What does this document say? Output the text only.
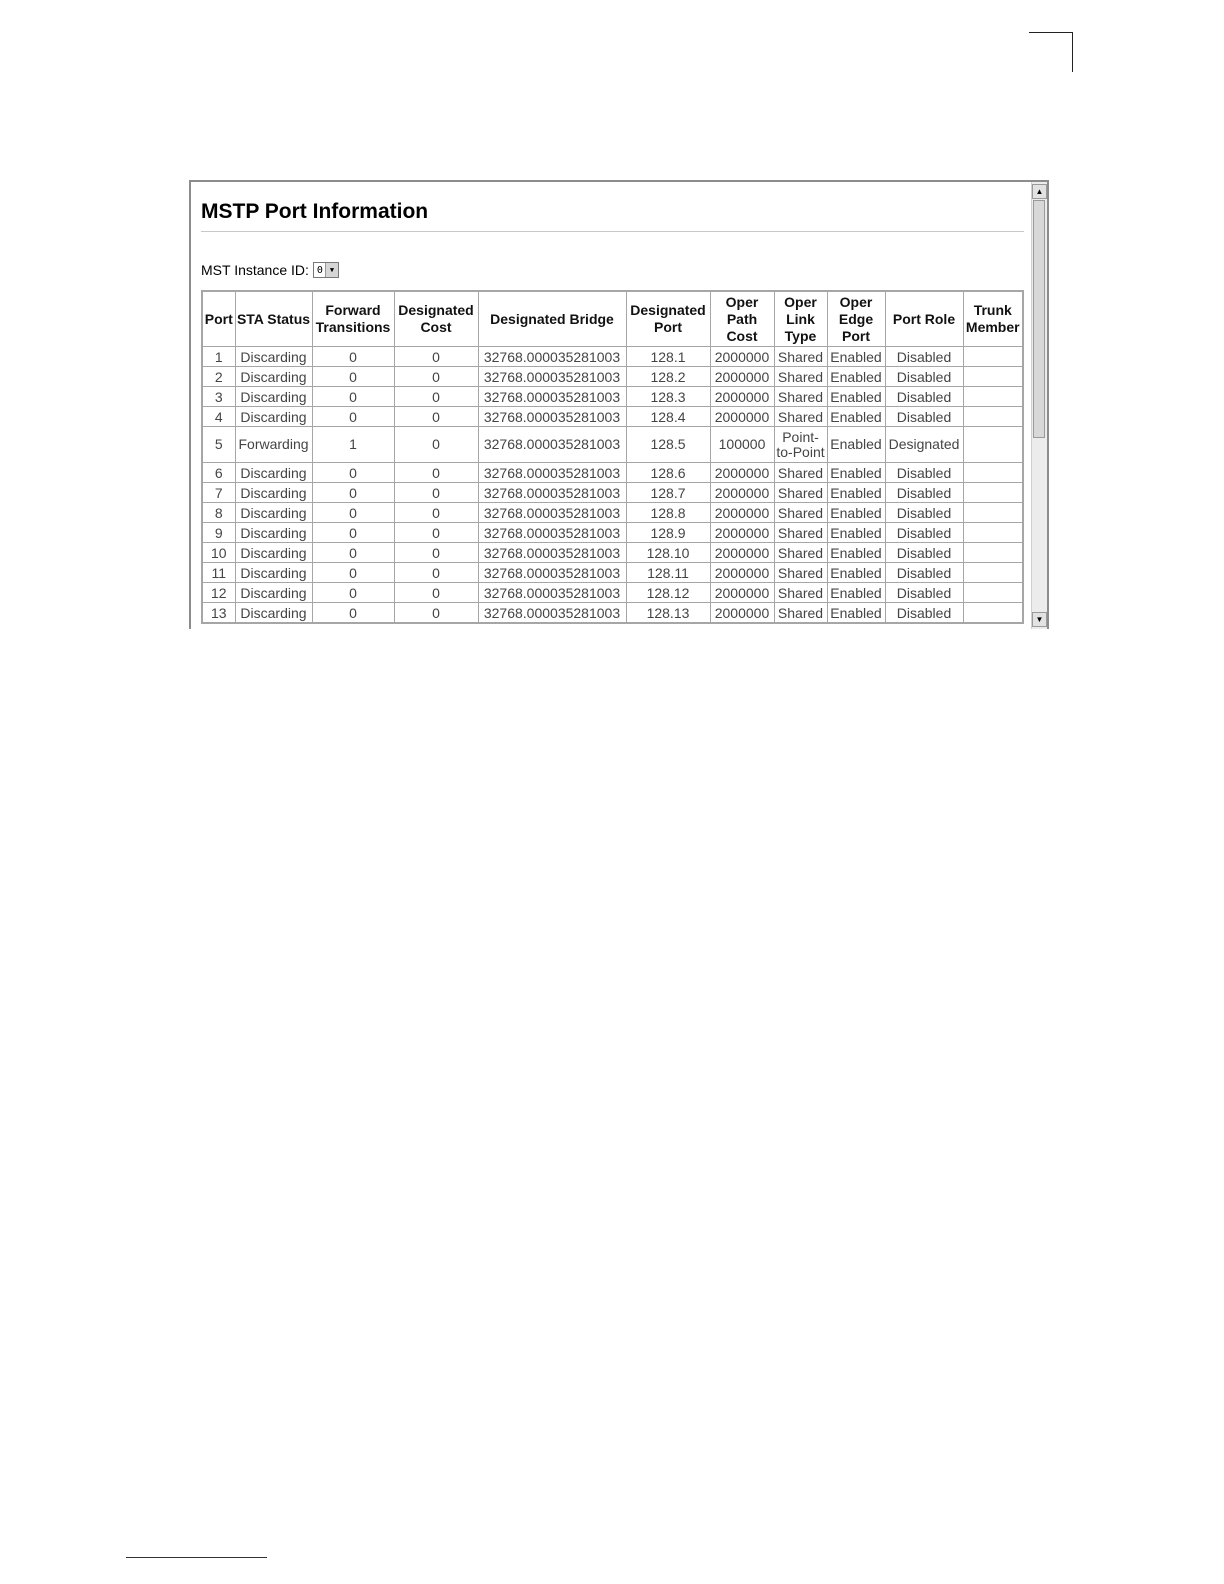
MSTP Port Information
MST Instance ID: 0 ▼
Port	STA Status	Forward Transitions	Designated Cost	Designated Bridge	Designated Port	Oper Path Cost	Oper Link Type	Oper Edge Port	Port Role	Trunk Member
1	Discarding	0	0	32768.000035281003	128.1	2000000	Shared	Enabled	Disabled	
2	Discarding	0	0	32768.000035281003	128.2	2000000	Shared	Enabled	Disabled	
3	Discarding	0	0	32768.000035281003	128.3	2000000	Shared	Enabled	Disabled	
4	Discarding	0	0	32768.000035281003	128.4	2000000	Shared	Enabled	Disabled	
5	Forwarding	1	0	32768.000035281003	128.5	100000	Point-to-Point	Enabled	Designated	
6	Discarding	0	0	32768.000035281003	128.6	2000000	Shared	Enabled	Disabled	
7	Discarding	0	0	32768.000035281003	128.7	2000000	Shared	Enabled	Disabled	
8	Discarding	0	0	32768.000035281003	128.8	2000000	Shared	Enabled	Disabled	
9	Discarding	0	0	32768.000035281003	128.9	2000000	Shared	Enabled	Disabled	
10	Discarding	0	0	32768.000035281003	128.10	2000000	Shared	Enabled	Disabled	
11	Discarding	0	0	32768.000035281003	128.11	2000000	Shared	Enabled	Disabled	
12	Discarding	0	0	32768.000035281003	128.12	2000000	Shared	Enabled	Disabled	
13	Discarding	0	0	32768.000035281003	128.13	2000000	Shared	Enabled	Disabled	
▲
▼
